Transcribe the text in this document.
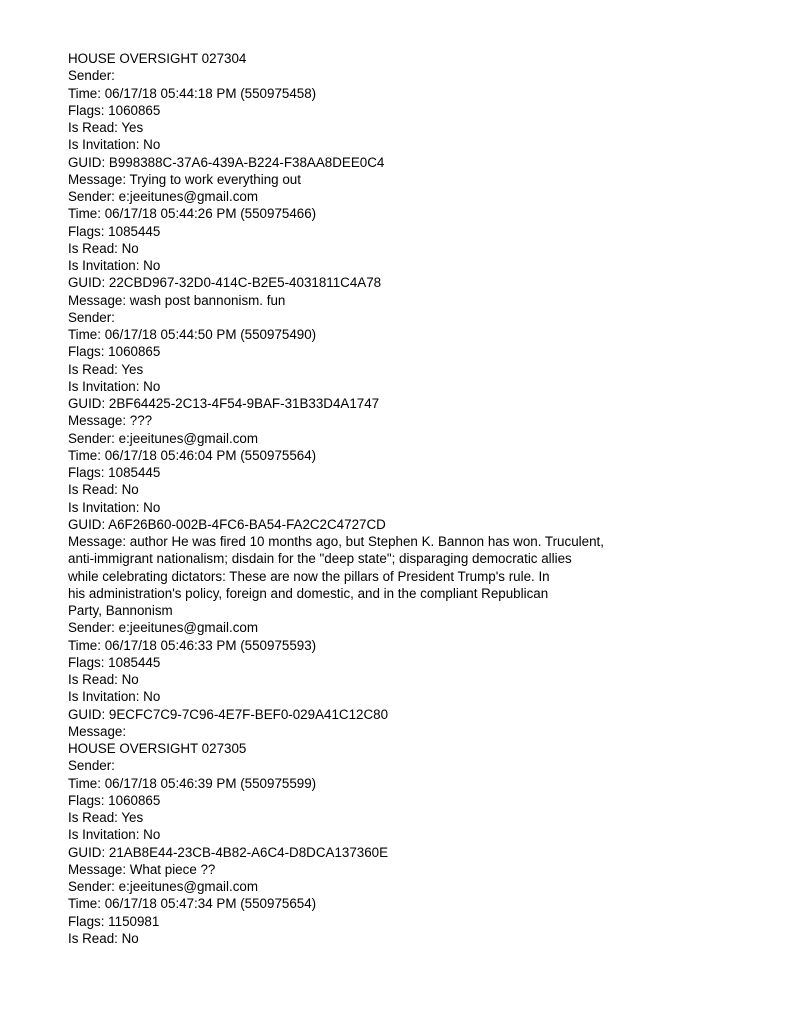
HOUSE OVERSIGHT 027304
Sender:
Time: 06/17/18 05:44:18 PM (550975458)
Flags: 1060865
Is Read: Yes
Is Invitation: No
GUID: B998388C-37A6-439A-B224-F38AA8DEE0C4
Message: Trying to work everything out
Sender: e:jeeitunes@gmail.com
Time: 06/17/18 05:44:26 PM (550975466)
Flags: 1085445
Is Read: No
Is Invitation: No
GUID: 22CBD967-32D0-414C-B2E5-4031811C4A78
Message: wash post bannonism. fun
Sender:
Time: 06/17/18 05:44:50 PM (550975490)
Flags: 1060865
Is Read: Yes
Is Invitation: No
GUID: 2BF64425-2C13-4F54-9BAF-31B33D4A1747
Message: ???
Sender: e:jeeitunes@gmail.com
Time: 06/17/18 05:46:04 PM (550975564)
Flags: 1085445
Is Read: No
Is Invitation: No
GUID: A6F26B60-002B-4FC6-BA54-FA2C2C4727CD
Message: author He was fired 10 months ago, but Stephen K. Bannon has won. Truculent,
anti-immigrant nationalism; disdain for the "deep state"; disparaging democratic allies
while celebrating dictators: These are now the pillars of President Trump's rule. In
his administration's policy, foreign and domestic, and in the compliant Republican
Party, Bannonism
Sender: e:jeeitunes@gmail.com
Time: 06/17/18 05:46:33 PM (550975593)
Flags: 1085445
Is Read: No
Is Invitation: No
GUID: 9ECFC7C9-7C96-4E7F-BEF0-029A41C12C80
Message:
HOUSE OVERSIGHT 027305
Sender:
Time: 06/17/18 05:46:39 PM (550975599)
Flags: 1060865
Is Read: Yes
Is Invitation: No
GUID: 21AB8E44-23CB-4B82-A6C4-D8DCA137360E
Message: What piece ??
Sender: e:jeeitunes@gmail.com
Time: 06/17/18 05:47:34 PM (550975654)
Flags: 1150981
Is Read: No
